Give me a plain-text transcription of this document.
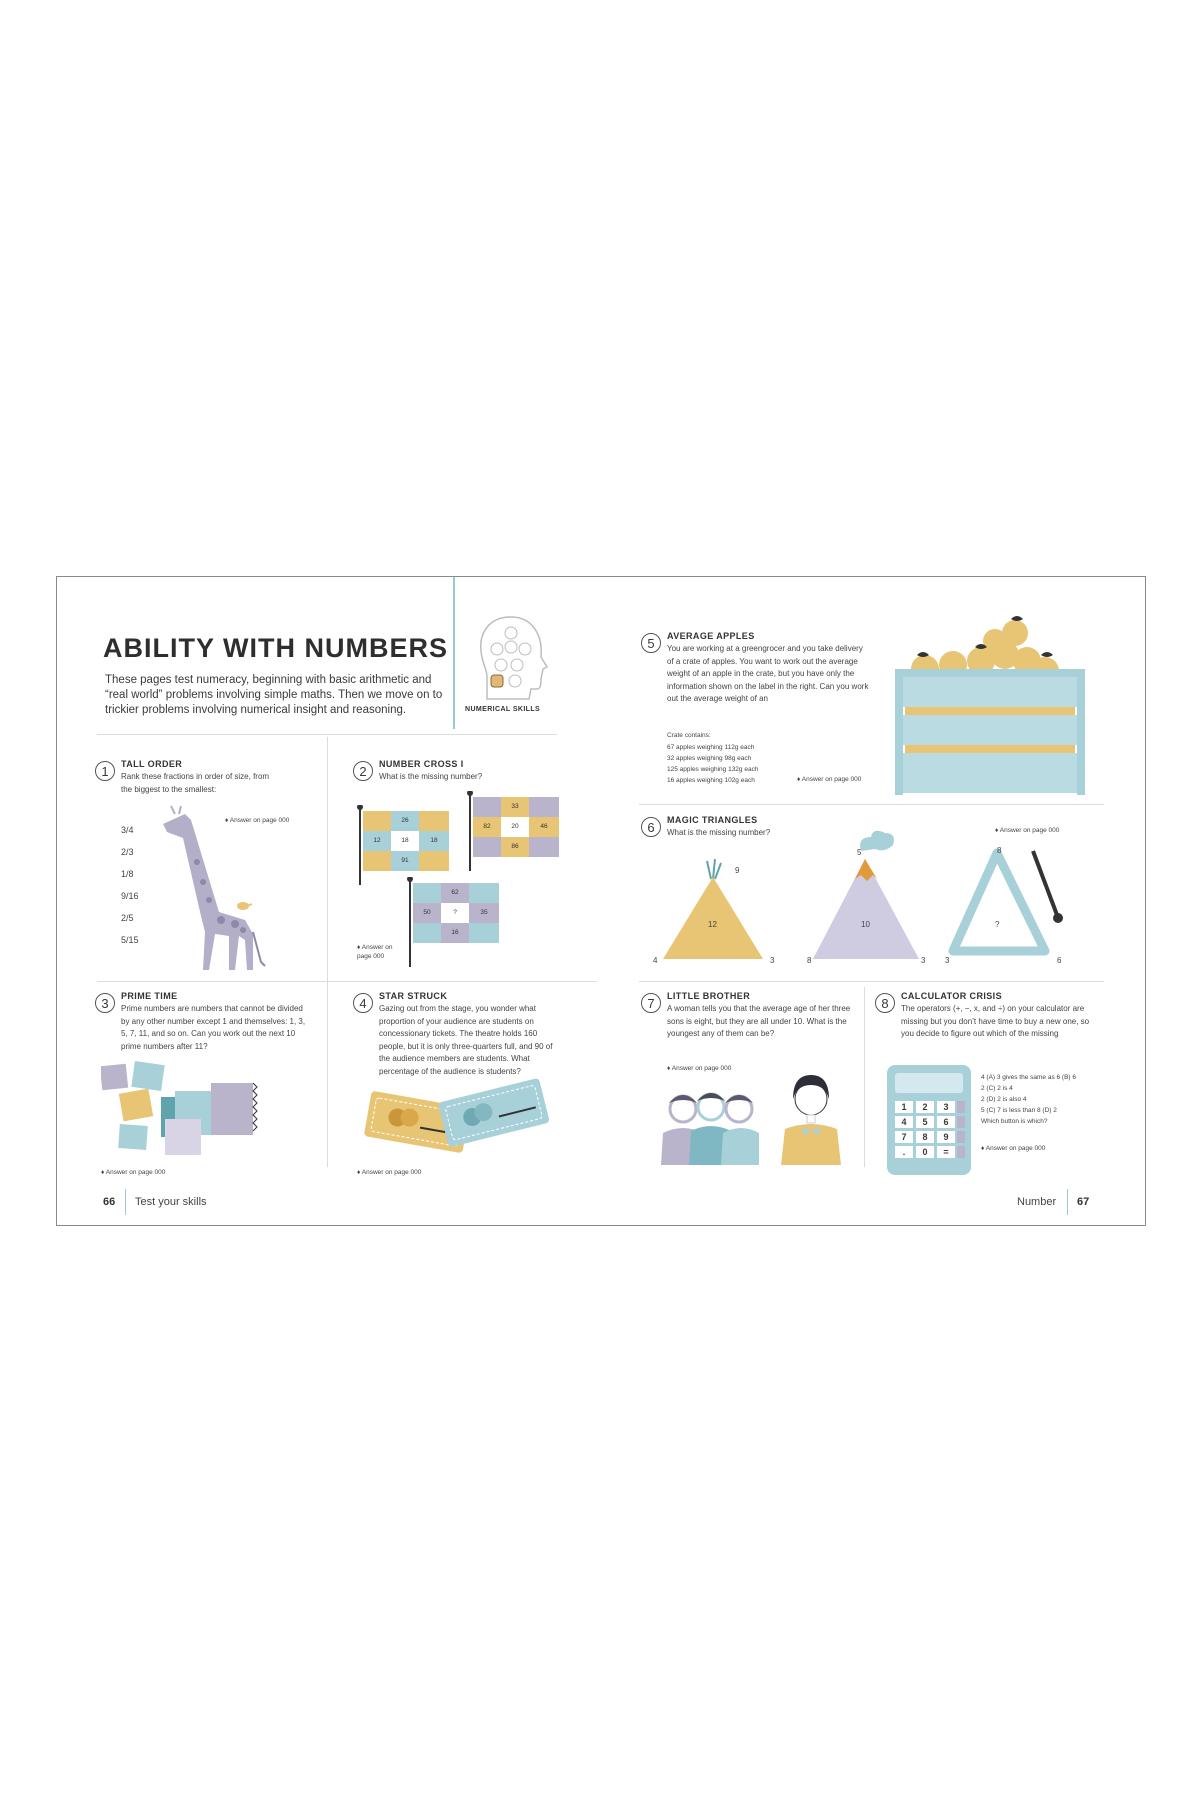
ABILITY WITH NUMBERS
These pages test numeracy, beginning with basic arithmetic and “real world” problems involving simple maths. Then we move on to trickier problems involving numerical insight and reasoning.	NUMERICAL SKILLS
1	TALL ORDER
Rank these fractions in order of size, from the biggest to the smallest:
♦ Answer on page 000
3/4
2/3
1/8
9/16
2/5
5/15
2	NUMBER CROSS I
What is the missing number?
26
12	18	18
91
33
82	20	46
86
62
50	?	35
16
♦ Answer on page 000
3	PRIME TIME
Prime numbers are numbers that cannot be divided by any other number except 1 and themselves: 1, 3, 5, 7, 11, and so on. Can you work out the next 10 prime numbers after 11?
♦ Answer on page 000
4	STAR STRUCK
Gazing out from the stage, you wonder what proportion of your audience are students on concessionary tickets. The theatre holds 160 people, but it is only three-quarters full, and 90 of the audience members are students. What percentage of the audience is students?
♦ Answer on page 000
5	AVERAGE APPLES
You are working at a greengrocer and you take delivery of a crate of apples. You want to work out the average weight of an apple in the crate, but you have only the information shown on the label in the right. Can you work out the average weight of an
Crate contains:
67 apples weighing 112g each
32 apples weighing 98g each
125 apples weighing 132g each
16 apples weighing 102g each	♦ Answer on page 000
6	MAGIC TRIANGLES
What is the missing number?	♦ Answer on page 000
9
4	3
12
5
8	3
10
8
3	6
?
7	LITTLE BROTHER
A woman tells you that the average age of her three sons is eight, but they are all under 10. What is the youngest any of them can be?
♦ Answer on page 000
8	CALCULATOR CRISIS
The operators (+, −, x, and ÷) on your calculator are missing but you don’t have time to buy a new one, so you decide to figure out which of the missing
1	2	3
4	5	6
7	8	9
.	0	=
4 (A) 3 gives the same as 6 (B) 6
2 (C) 2 is 4
2 (D) 2 is also 4
5 (C) 7 is less than 8 (D) 2
Which button is which?
♦ Answer on page 000
66 Test your skills	Number 67
